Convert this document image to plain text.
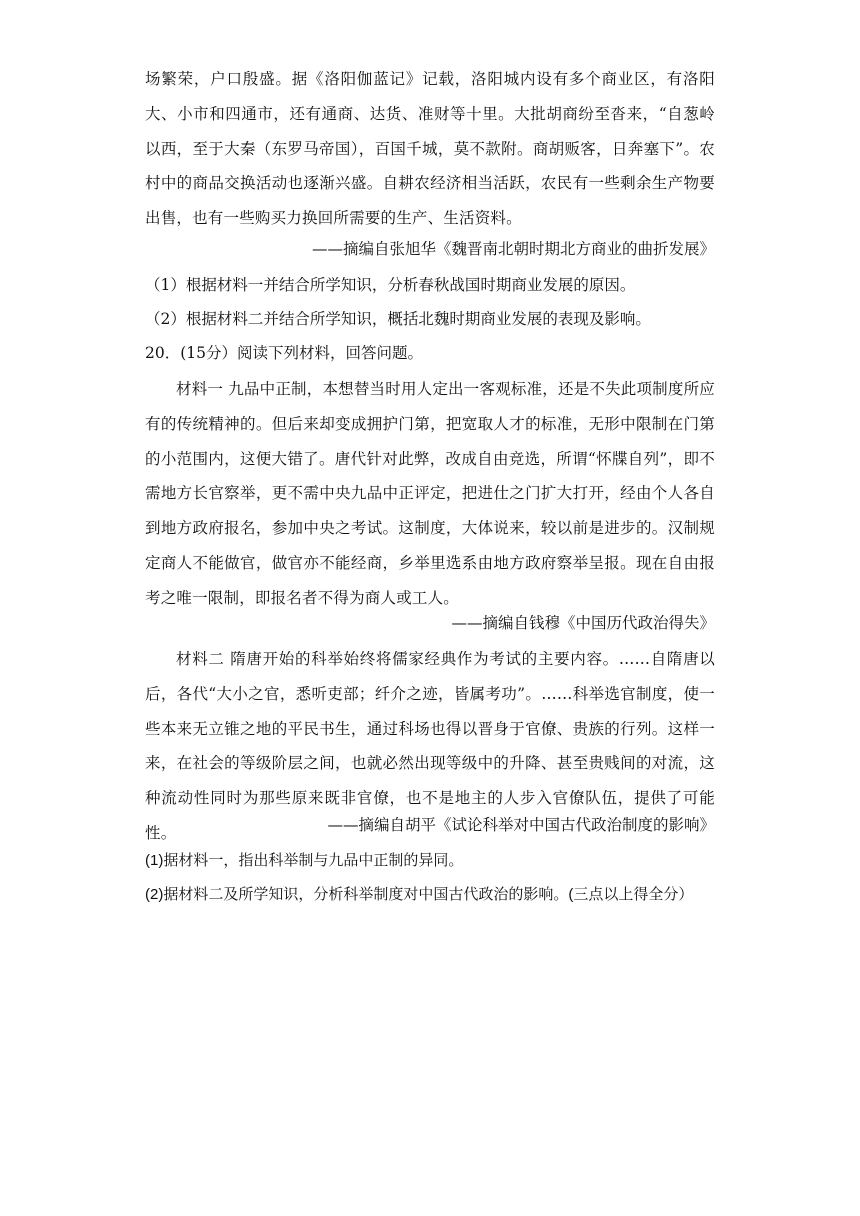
场繁荣，户口殷盛。据《洛阳伽蓝记》记载，洛阳城内设有多个商业区，有洛阳大、小市和四通市，还有通商、达货、准财等十里。大批胡商纷至沓来，“自葱岭以西，至于大秦（东罗马帝国），百国千城，莫不款附。商胡贩客，日奔塞下”。农村中的商品交换活动也逐渐兴盛。自耕农经济相当活跃，农民有一些剩余生产物要出售，也有一些购买力换回所需要的生产、生活资料。

——摘编自张旭华《魏晋南北朝时期北方商业的曲折发展》

（1）根据材料一并结合所学知识，分析春秋战国时期商业发展的原因。

（2）根据材料二并结合所学知识，概括北魏时期商业发展的表现及影响。

20．(15分）阅读下列材料，回答问题。

材料一 九品中正制，本想替当时用人定出一客观标准，还是不失此项制度所应有的传统精神的。但后来却变成拥护门第，把宽取人才的标准，无形中限制在门第的小范围内，这便大错了。唐代针对此弊，改成自由竞选，所谓“怀牒自列”，即不需地方长官察举，更不需中央九品中正评定，把进仕之门扩大打开，经由个人各自到地方政府报名，参加中央之考试。这制度，大体说来，较以前是进步的。汉制规定商人不能做官，做官亦不能经商，乡举里选系由地方政府察举呈报。现在自由报考之唯一限制，即报名者不得为商人或工人。

——摘编自钱穆《中国历代政治得失》

材料二 隋唐开始的科举始终将儒家经典作为考试的主要内容。……自隋唐以后，各代“大小之官，悉听吏部；纤介之迹，皆属考功”。……科举选官制度，使一些本来无立锥之地的平民书生，通过科场也得以晋身于官僚、贵族的行列。这样一来，在社会的等级阶层之间，也就必然出现等级中的升降、甚至贵贱间的对流，这种流动性同时为那些原来既非官僚，也不是地主的人步入官僚队伍，提供了可能性。	——摘编自胡平《试论科举对中国古代政治制度的影响》

(1)据材料一，指出科举制与九品中正制的异同。

(2)据材料二及所学知识，分析科举制度对中国古代政治的影响。(三点以上得全分）
